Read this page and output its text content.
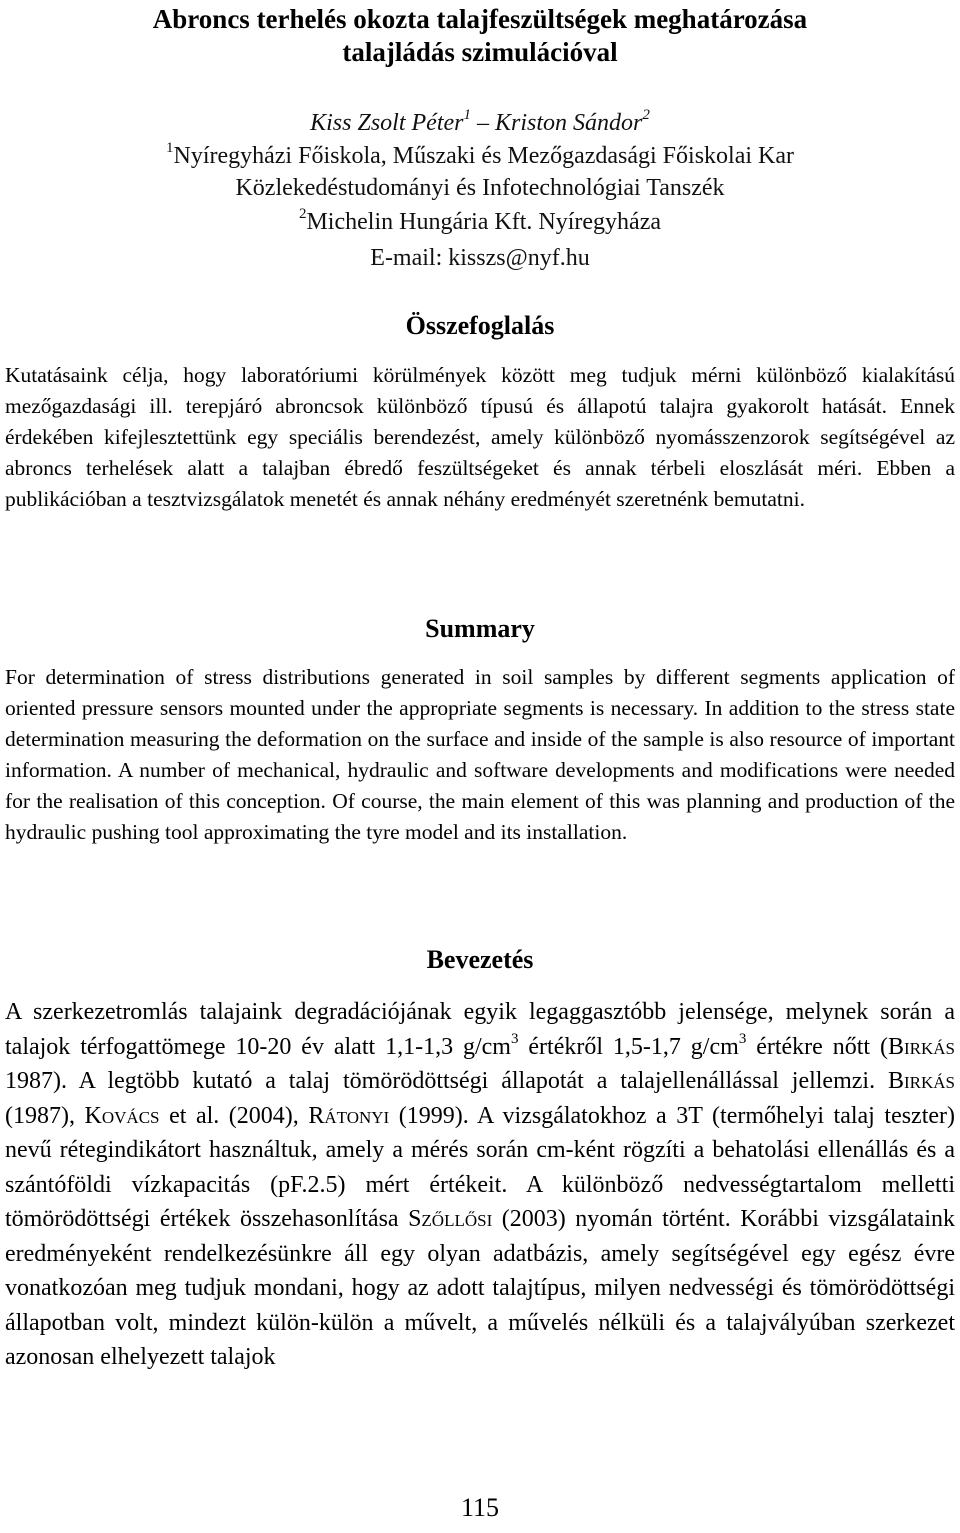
Abroncs terhelés okozta talajfeszültségek meghatározása
talajládás szimulációval
Kiss Zsolt Péter$^1$ – Kriston Sándor$^2$
$^1$Nyíregyházi Főiskola, Műszaki és Mezőgazdasági Főiskolai Kar
Közlekedéstudományi és Infotechnológiai Tanszék
$^2$Michelin Hungária Kft. Nyíregyháza
E-mail: kisszs@nyf.hu
Összefoglalás

Kutatásaink célja, hogy laboratóriumi körülmények között meg tudjuk mérni különböző kialakítású mezőgazdasági ill. terepjáró abroncsok különböző típusú és állapotú talajra gyakorolt hatását. Ennek érdekében kifejlesztettünk egy speciális berendezést, amely különböző nyomásszenzorok segítségével az abroncs terhelések alatt a talajban ébredő feszültségeket és annak térbeli eloszlását méri. Ebben a publikációban a tesztvizsgálatok menetét és annak néhány eredményét szeretnénk bemutatni.

Summary

For determination of stress distributions generated in soil samples by different segments application of oriented pressure sensors mounted under the appropriate segments is necessary. In addition to the stress state determination measuring the deformation on the surface and inside of the sample is also resource of important information. A number of mechanical, hydraulic and software developments and modifications were needed for the realisation of this conception. Of course, the main element of this was planning and production of the hydraulic pushing tool approximating the tyre model and its installation.

Bevezetés

A szerkezetromlás talajaink degradációjának egyik legaggasztóbb jelensége, melynek során a talajok térfogattömege 10-20 év alatt 1,1-1,3 $g/cm^3$ értékről 1,5-1,7 $g/cm^3$ értékre nőtt (Birkás 1987). A legtöbb kutató a talaj tömörödöttségi állapotát a talajellenállással jellemzi. Birkás (1987), Kovács et al. (2004), Rátonyi (1999). A vizsgálatokhoz a 3T (termőhelyi talaj teszter) nevű rétegindikátort használtuk, amely a mérés során cm-ként rögzíti a behatolási ellenállás és a szántóföldi vízkapacitás (pF.2.5) mért értékeit. A különböző nedvességtartalom melletti tömörödöttségi értékek összehasonlítása Szőllősi (2003) nyomán történt. Korábbi vizsgálataink eredményeként rendelkezésünkre áll egy olyan adatbázis, amely segítségével egy egész évre vonatkozóan meg tudjuk mondani, hogy az adott talajtípus, milyen nedvességi és tömörödöttségi állapotban volt, mindezt külön-külön a művelt, a művelés nélküli és a talajvályúban szerkezet azonosan elhelyezett talajok

115
